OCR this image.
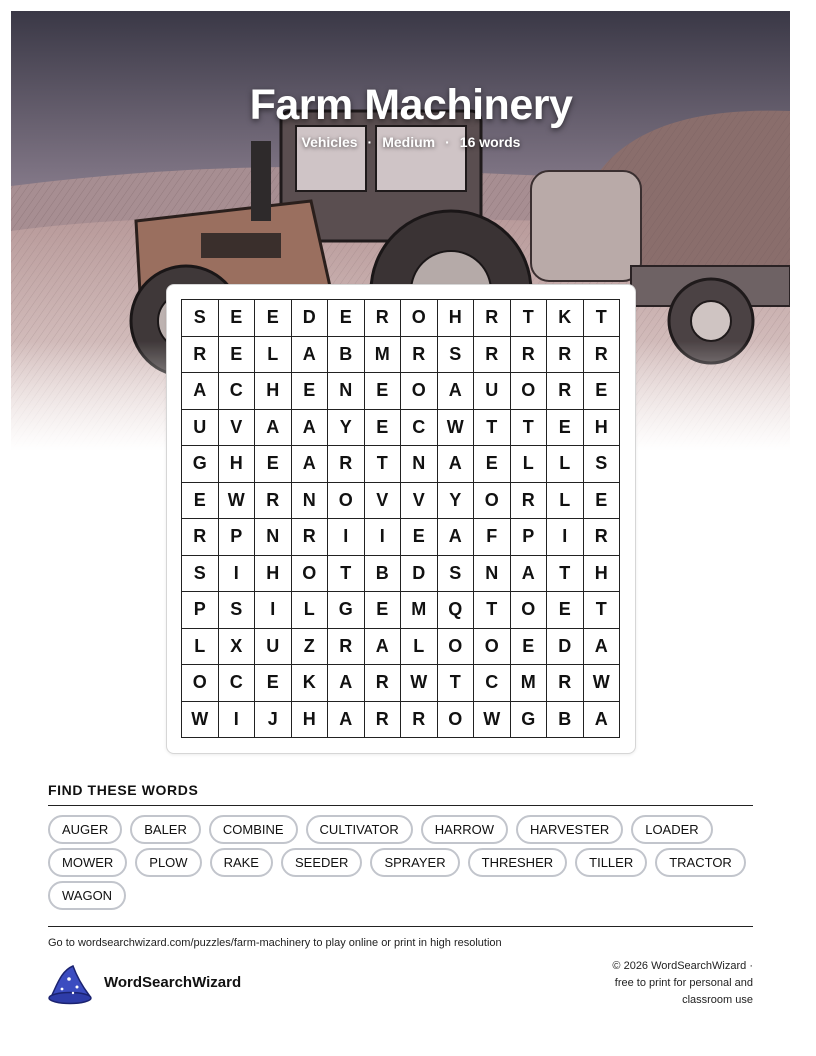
Farm Machinery
Vehicles · Medium · 16 words
S	E	E	D	E	R	O	H	R	T	K	T
R	E	L	A	B	M	R	S	R	R	R	R
A	C	H	E	N	E	O	A	U	O	R	E
U	V	A	A	Y	E	C	W	T	T	E	H
G	H	E	A	R	T	N	A	E	L	L	S
E	W	R	N	O	V	V	Y	O	R	L	E
R	P	N	R	I	I	E	A	F	P	I	R
S	I	H	O	T	B	D	S	N	A	T	H
P	S	I	L	G	E	M	Q	T	O	E	T
L	X	U	Z	R	A	L	O	O	E	D	A
O	C	E	K	A	R	W	T	C	M	R	W
W	I	J	H	A	R	R	O	W	G	B	A
FIND THESE WORDS
AUGER	BALER	COMBINE	CULTIVATOR	HARROW	HARVESTER	LOADER
MOWER	PLOW	RAKE	SEEDER	SPRAYER	THRESHER	TILLER	TRACTOR
WAGON
Go to wordsearchwizard.com/puzzles/farm-machinery to play online or print in high resolution
WordSearchWizard
© 2026 WordSearchWizard ·
free to print for personal and
classroom use
